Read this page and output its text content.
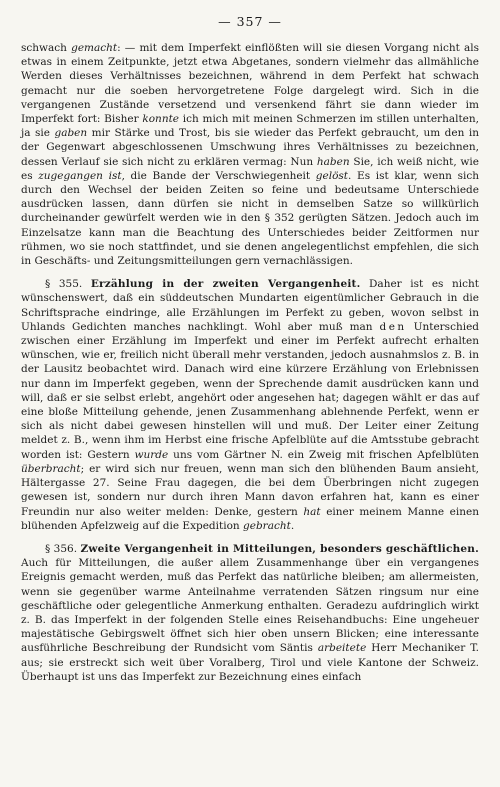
— 357 —

schwach gemacht: — mit dem Imperfekt einflößten will sie diesen Vorgang nicht als etwas in einem Zeitpunkte, jetzt etwa Abgetanes, sondern vielmehr das allmähliche Werden dieses Verhältnisses bezeichnen, während in dem Perfekt hat schwach gemacht nur die soeben hervorgetretene Folge dargelegt wird. Sich in die vergangenen Zustände versetzend und versenkend fährt sie dann wieder im Imperfekt fort: Bisher konnte ich mich mit meinen Schmerzen im stillen unterhalten, ja sie gaben mir Stärke und Trost, bis sie wieder das Perfekt gebraucht, um den in der Gegenwart abgeschlossenen Umschwung ihres Verhältnisses zu bezeichnen, dessen Verlauf sie sich nicht zu erklären vermag: Nun haben Sie, ich weiß nicht, wie es zugegangen ist, die Bande der Verschwiegenheit gelöst. Es ist klar, wenn sich durch den Wechsel der beiden Zeiten so feine und bedeutsame Unterschiede ausdrücken lassen, dann dürfen sie nicht in demselben Satze so willkürlich durcheinander gewürfelt werden wie in den § 352 gerügten Sätzen. Jedoch auch im Einzelsatze kann man die Beachtung des Unterschiedes beider Zeitformen nur rühmen, wo sie noch stattfindet, und sie denen angelegentlichst empfehlen, die sich in Geschäfts- und Zeitungsmitteilungen gern vernachlässigen.

§ 355. Erzählung in der zweiten Vergangenheit. Daher ist es nicht wünschenswert, daß ein süddeutschen Mundarten eigentümlicher Gebrauch in die Schriftsprache eindringe, alle Erzählungen im Perfekt zu geben, wovon selbst in Uhlands Gedichten manches nachklingt. Wohl aber muß man den Unterschied zwischen einer Erzählung im Imperfekt und einer im Perfekt aufrecht erhalten wünschen, wie er, freilich nicht überall mehr verstanden, jedoch ausnahmslos z. B. in der Lausitz beobachtet wird. Danach wird eine kürzere Erzählung von Erlebnissen nur dann im Imperfekt gegeben, wenn der Sprechende damit ausdrücken kann und will, daß er sie selbst erlebt, angehört oder angesehen hat; dagegen wählt er das auf eine bloße Mitteilung gehende, jenen Zusammenhang ablehnende Perfekt, wenn er sich als nicht dabei gewesen hinstellen will und muß. Der Leiter einer Zeitung meldet z. B., wenn ihm im Herbst eine frische Apfelblüte auf die Amtsstube gebracht worden ist: Gestern wurde uns vom Gärtner N. ein Zweig mit frischen Apfelblüten überbracht; er wird sich nur freuen, wenn man sich den blühenden Baum ansieht, Hältergasse 27. Seine Frau dagegen, die bei dem Überbringen nicht zugegen gewesen ist, sondern nur durch ihren Mann davon erfahren hat, kann es einer Freundin nur also weiter melden: Denke, gestern hat einer meinem Manne einen blühenden Apfelzweig auf die Expedition gebracht.

§ 356. Zweite Vergangenheit in Mitteilungen, besonders geschäftlichen. Auch für Mitteilungen, die außer allem Zusammenhange über ein vergangenes Ereignis gemacht werden, muß das Perfekt das natürliche bleiben; am allermeisten, wenn sie gegenüber warme Anteilnahme verratenden Sätzen ringsum nur eine geschäftliche oder gelegentliche Anmerkung enthalten. Geradezu aufdringlich wirkt z. B. das Imperfekt in der folgenden Stelle eines Reisehandbuchs: Eine ungeheuer majestätische Gebirgswelt öffnet sich hier oben unsern Blicken; eine interessante ausführliche Beschreibung der Rundsicht vom Säntis arbeitete Herr Mechaniker T. aus; sie erstreckt sich weit über Voralberg, Tirol und viele Kantone der Schweiz. Überhaupt ist uns das Imperfekt zur Bezeichnung eines einfach
